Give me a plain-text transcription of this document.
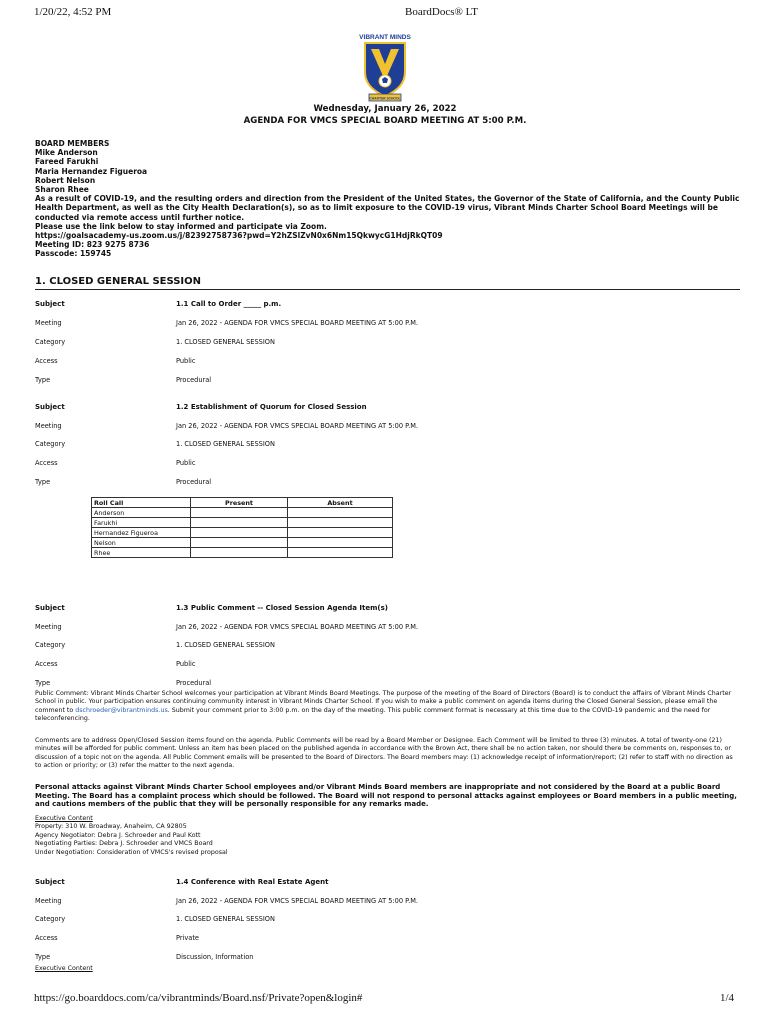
1/20/22, 4:52 PM	BoardDocs® LT
VIBRANT MINDS
CHARTER SCHOOL
Wednesday, January 26, 2022
AGENDA FOR VMCS SPECIAL BOARD MEETING AT 5:00 P.M.
BOARD MEMBERS
Mike Anderson
Fareed Farukhi
Maria Hernandez Figueroa
Robert Nelson
Sharon Rhee
As a result of COVID-19, and the resulting orders and direction from the President of the United States, the Governor of the State of California, and the County Public Health Department, as well as the City Health Declaration(s), so as to limit exposure to the COVID-19 virus, Vibrant Minds Charter School Board Meetings will be conducted via remote access until further notice.
Please use the link below to stay informed and participate via Zoom.
https://goalsacademy-us.zoom.us/j/82392758736?pwd=Y2hZSlZvN0x6Nm15QkwycG1HdjRkQT09
Meeting ID: 823 9275 8736
Passcode: 159745
1. CLOSED GENERAL SESSION
Subject	1.1 Call to Order _____ p.m.
Meeting	Jan 26, 2022 - AGENDA FOR VMCS SPECIAL BOARD MEETING AT 5:00 P.M.
Category	1. CLOSED GENERAL SESSION
Access	Public
Type	Procedural
Subject	1.2 Establishment of Quorum for Closed Session
Meeting	Jan 26, 2022 - AGENDA FOR VMCS SPECIAL BOARD MEETING AT 5:00 P.M.
Category	1. CLOSED GENERAL SESSION
Access	Public
Type	Procedural
Roll Call	Present	Absent
Anderson		
Farukhi		
Hernandez Figueroa		
Nelson		
Rhee		
Subject	1.3 Public Comment -- Closed Session Agenda Item(s)
Meeting	Jan 26, 2022 - AGENDA FOR VMCS SPECIAL BOARD MEETING AT 5:00 P.M.
Category	1. CLOSED GENERAL SESSION
Access	Public
Type	Procedural
Public Comment: Vibrant Minds Charter School welcomes your participation at Vibrant Minds Board Meetings. The purpose of the meeting of the Board of Directors (Board) is to conduct the affairs of Vibrant Minds Charter School in public. Your participation ensures continuing community interest in Vibrant Minds Charter School. If you wish to make a public comment on agenda items during the Closed General Session, please email the comment to dschroeder@vibrantminds.us. Submit your comment prior to 3:00 p.m. on the day of the meeting. This public comment format is necessary at this time due to the COVID-19 pandemic and the need for teleconferencing.
Comments are to address Open/Closed Session items found on the agenda. Public Comments will be read by a Board Member or Designee. Each Comment will be limited to three (3) minutes. A total of twenty-one (21) minutes will be afforded for public comment. Unless an item has been placed on the published agenda in accordance with the Brown Act, there shall be no action taken, nor should there be comments on, responses to, or discussion of a topic not on the agenda. All Public Comment emails will be presented to the Board of Directors. The Board members may: (1) acknowledge receipt of information/report; (2) refer to staff with no direction as to action or priority; or (3) refer the matter to the next agenda.
Personal attacks against Vibrant Minds Charter School employees and/or Vibrant Minds Board members are inappropriate and not considered by the Board at a public Board Meeting. The Board has a complaint process which should be followed. The Board will not respond to personal attacks against employees or Board members in a public meeting, and cautions members of the public that they will be personally responsible for any remarks made.
Executive Content
Property: 310 W. Broadway, Anaheim, CA 92805
Agency Negotiator: Debra J. Schroeder and Paul Kott
Negotiating Parties: Debra J. Schroeder and VMCS Board
Under Negotiation: Consideration of VMCS's revised proposal
Subject	1.4 Conference with Real Estate Agent
Meeting	Jan 26, 2022 - AGENDA FOR VMCS SPECIAL BOARD MEETING AT 5:00 P.M.
Category	1. CLOSED GENERAL SESSION
Access	Private
Type	Discussion, Information
Executive Content
https://go.boarddocs.com/ca/vibrantminds/Board.nsf/Private?open&login#	1/4
